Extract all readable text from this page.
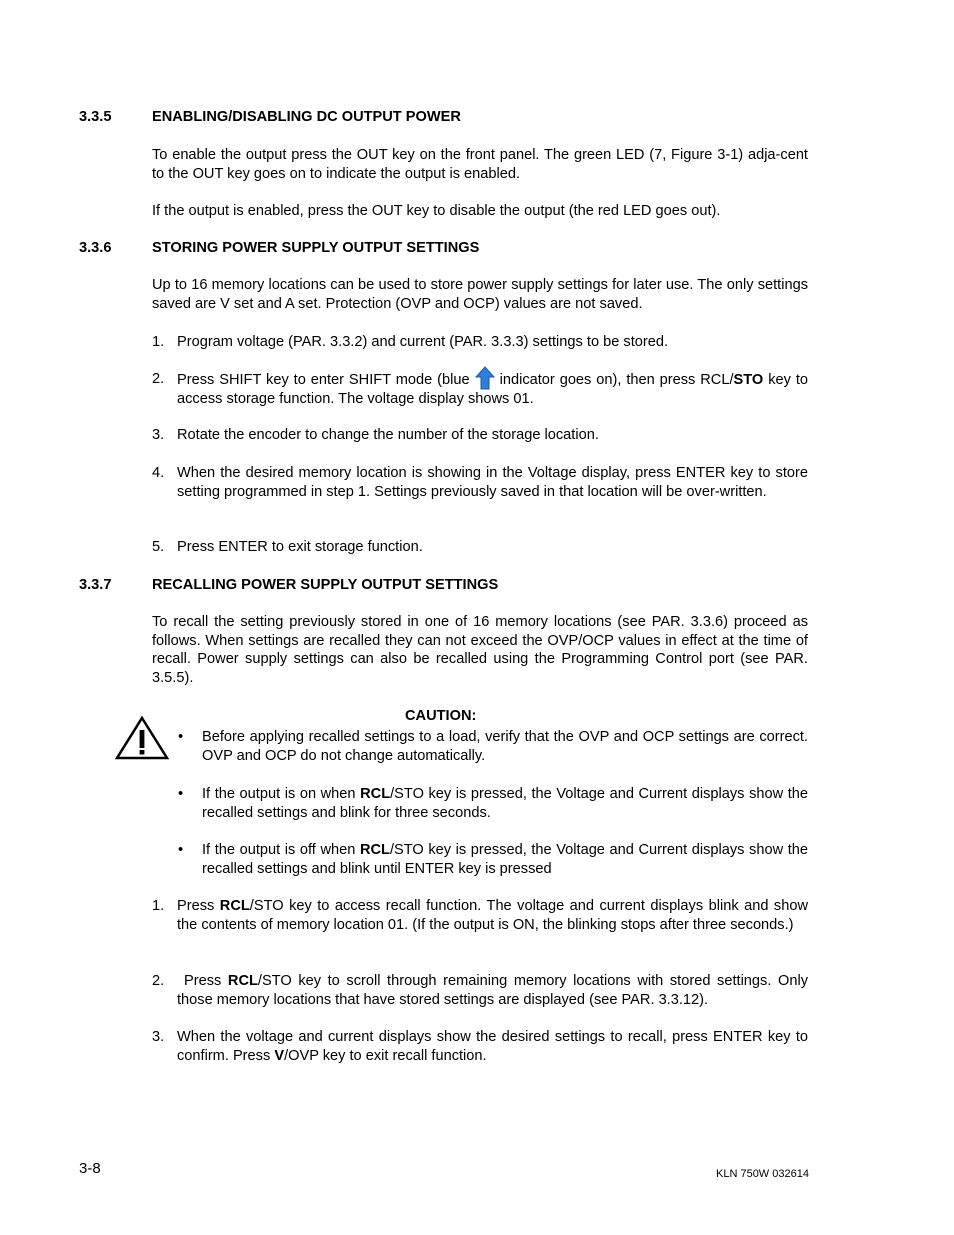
3.3.5	ENABLING/DISABLING DC OUTPUT POWER
To enable the output press the OUT key on the front panel. The green LED (7, Figure 3-1) adja-cent to the OUT key goes on to indicate the output is enabled.
If the output is enabled, press the OUT key to disable the output (the red LED goes out).
3.3.6	STORING POWER SUPPLY OUTPUT SETTINGS
Up to 16 memory locations can be used to store power supply settings for later use. The only settings saved are V set and A set. Protection (OVP and OCP) values are not saved.
1. Program voltage (PAR. 3.3.2) and current (PAR. 3.3.3) settings to be stored.
2. Press SHIFT key to enter SHIFT mode (blue indicator goes on), then press RCL/STO key to access storage function. The voltage display shows 01.
3. Rotate the encoder to change the number of the storage location.
4. When the desired memory location is showing in the Voltage display, press ENTER key to store setting programmed in step 1. Settings previously saved in that location will be over-written.
5. Press ENTER to exit storage function.
3.3.7	RECALLING POWER SUPPLY OUTPUT SETTINGS
To recall the setting previously stored in one of 16 memory locations (see PAR. 3.3.6) proceed as follows. When settings are recalled they can not exceed the OVP/OCP values in effect at the time of recall. Power supply settings can also be recalled using the Programming Control port (see PAR. 3.5.5).
CAUTION:
• Before applying recalled settings to a load, verify that the OVP and OCP settings are correct. OVP and OCP do not change automatically.
• If the output is on when RCL/STO key is pressed, the Voltage and Current displays show the recalled settings and blink for three seconds.
• If the output is off when RCL/STO key is pressed, the Voltage and Current displays show the recalled settings and blink until ENTER key is pressed
1. Press RCL/STO key to access recall function. The voltage and current displays blink and show the contents of memory location 01. (If the output is ON, the blinking stops after three seconds.)
2.	Press RCL/STO key to scroll through remaining memory locations with stored settings. Only those memory locations that have stored settings are displayed (see PAR. 3.3.12).
3. When the voltage and current displays show the desired settings to recall, press ENTER key to confirm. Press V/OVP key to exit recall function.
3-8	KLN 750W 032614
